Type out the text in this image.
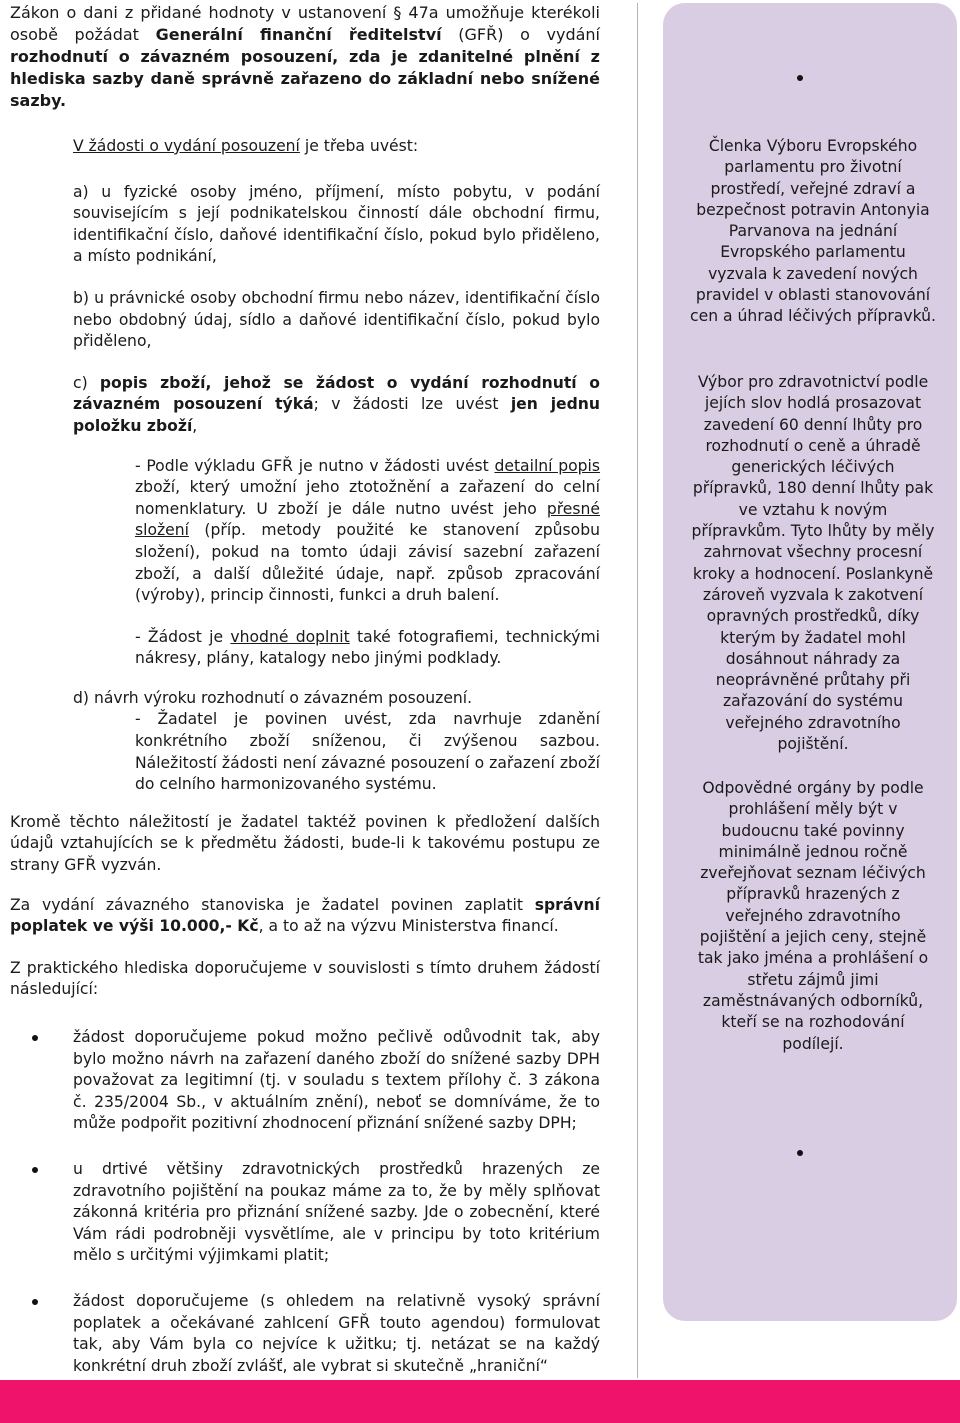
Členka Výboru Evropského parlamentu pro životní prostředí, veřejné zdraví a bezpečnost potravin Antonyia Parvanova na jednání Evropského parlamentu vyzvala k zavedení nových pravidel v oblasti stanovování cen a úhrad léčivých přípravků.
Výbor pro zdravotnictví podle jejích slov hodlá prosazovat zavedení 60 denní lhůty pro rozhodnutí o ceně a úhradě generických léčivých přípravků, 180 denní lhůty pak ve vztahu k novým přípravkům. Tyto lhůty by měly zahrnovat všechny procesní kroky a hodnocení. Poslankyně zároveň vyzvala k zakotvení opravných prostředků, díky kterým by žadatel mohl dosáhnout náhrady za neoprávněné průtahy při zařazování do systému veřejného zdravotního pojištění.
Odpovědné orgány by podle prohlášení měly být v budoucnu také povinny minimálně jednou ročně zveřejňovat seznam léčivých přípravků hrazených z veřejného zdravotního pojištění a jejich ceny, stejně tak jako jména a prohlášení o střetu zájmů jimi zaměstnávaných odborníků, kteří se na rozhodování podílejí.

Zákon o dani z přidané hodnoty v ustanovení § 47a umožňuje kterékoli osobě požádat Generální finanční ředitelství (GFŘ) o vydání rozhodnutí o závazném posouzení, zda je zdanitelné plnění z hlediska sazby daně správně zařazeno do základní nebo snížené sazby.

V žádosti o vydání posouzení je třeba uvést:

a) u fyzické osoby jméno, příjmení, místo pobytu, v podání souvisejícím s její podnikatelskou činností dále obchodní firmu, identifikační číslo, daňové identifikační číslo, pokud bylo přiděleno, a místo podnikání,

b) u právnické osoby obchodní firmu nebo název, identifikační číslo nebo obdobný údaj, sídlo a daňové identifikační číslo, pokud bylo přiděleno,

c) popis zboží, jehož se žádost o vydání rozhodnutí o závazném posouzení týká; v žádosti lze uvést jen jednu položku zboží,

- Podle výkladu GFŘ je nutno v žádosti uvést detailní popis zboží, který umožní jeho ztotožnění a zařazení do celní nomenklatury. U zboží je dále nutno uvést jeho přesné složení (příp. metody použité ke stanovení způsobu složení), pokud na tomto údaji závisí sazební zařazení zboží, a další důležité údaje, např. způsob zpracování (výroby), princip činnosti, funkci a druh balení.

- Žádost je vhodné doplnit také fotografiemi, technickými nákresy, plány, katalogy nebo jinými podklady.

d) návrh výroku rozhodnutí o závazném posouzení.

- Žadatel je povinen uvést, zda navrhuje zdanění konkrétního zboží sníženou, či zvýšenou sazbou. Náležitostí žádosti není závazné posouzení o zařazení zboží do celního harmonizovaného systému.

Kromě těchto náležitostí je žadatel taktéž povinen k předložení dalších údajů vztahujících se k předmětu žádosti, bude-li k takovému postupu ze strany GFŘ vyzván.

Za vydání závazného stanoviska je žadatel povinen zaplatit správní poplatek ve výši 10.000,- Kč, a to až na výzvu Ministerstva financí.

Z praktického hlediska doporučujeme v souvislosti s tímto druhem žádostí následující:

žádost doporučujeme pokud možno pečlivě odůvodnit tak, aby bylo možno návrh na zařazení daného zboží do snížené sazby DPH považovat za legitimní (tj. v souladu s textem přílohy č. 3 zákona č. 235/2004 Sb., v aktuálním znění), neboť se domníváme, že to může podpořit pozitivní zhodnocení přiznání snížené sazby DPH;

u drtivé většiny zdravotnických prostředků hrazených ze zdravotního pojištění na poukaz máme za to, že by měly splňovat zákonná kritéria pro přiznání snížené sazby. Jde o zobecnění, které Vám rádi podrobněji vysvětlíme, ale v principu by toto kritérium mělo s určitými výjimkami platit;

žádost doporučujeme (s ohledem na relativně vysoký správní poplatek a očekávané zahlcení GFŘ touto agendou) formulovat tak, aby Vám byla co nejvíce k užitku; tj. netázat se na každý konkrétní druh zboží zvlášť, ale vybrat si skutečně „hraniční“
